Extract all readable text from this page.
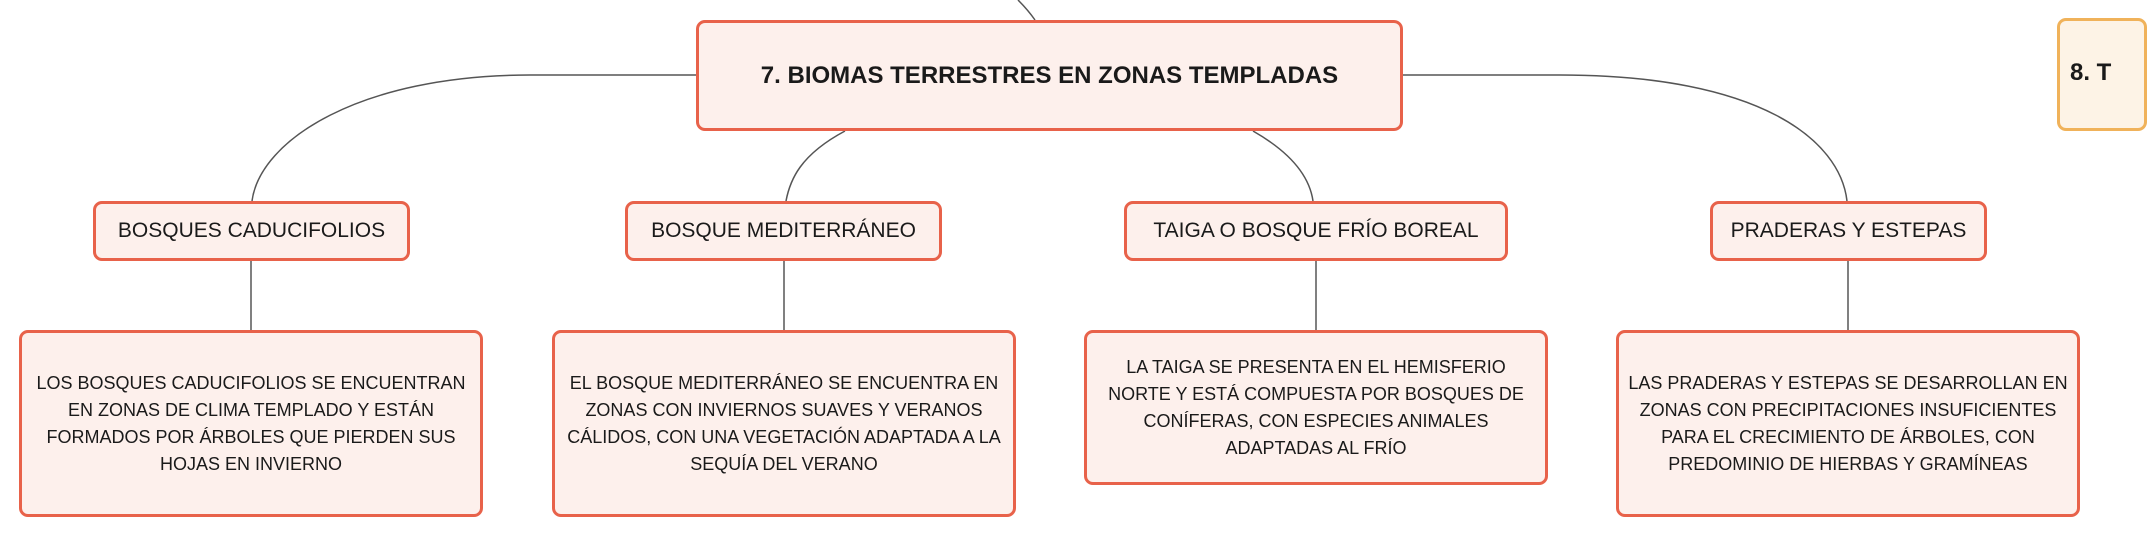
7. BIOMAS TERRESTRES EN ZONAS TEMPLADAS
BOSQUES CADUCIFOLIOS
LOS BOSQUES CADUCIFOLIOS SE ENCUENTRAN EN ZONAS DE CLIMA TEMPLADO Y ESTÁN FORMADOS POR ÁRBOLES QUE PIERDEN SUS HOJAS EN INVIERNO
BOSQUE MEDITERRÁNEO
EL BOSQUE MEDITERRÁNEO SE ENCUENTRA EN ZONAS CON INVIERNOS SUAVES Y VERANOS CÁLIDOS, CON UNA VEGETACIÓN ADAPTADA A LA SEQUÍA DEL VERANO
TAIGA O BOSQUE FRÍO BOREAL
LA TAIGA SE PRESENTA EN EL HEMISFERIO NORTE Y ESTÁ COMPUESTA POR BOSQUES DE CONÍFERAS, CON ESPECIES ANIMALES ADAPTADAS AL FRÍO
PRADERAS Y ESTEPAS
LAS PRADERAS Y ESTEPAS SE DESARROLLAN EN ZONAS CON PRECIPITACIONES INSUFICIENTES PARA EL CRECIMIENTO DE ÁRBOLES, CON PREDOMINIO DE HIERBAS Y GRAMÍNEAS
8. T
